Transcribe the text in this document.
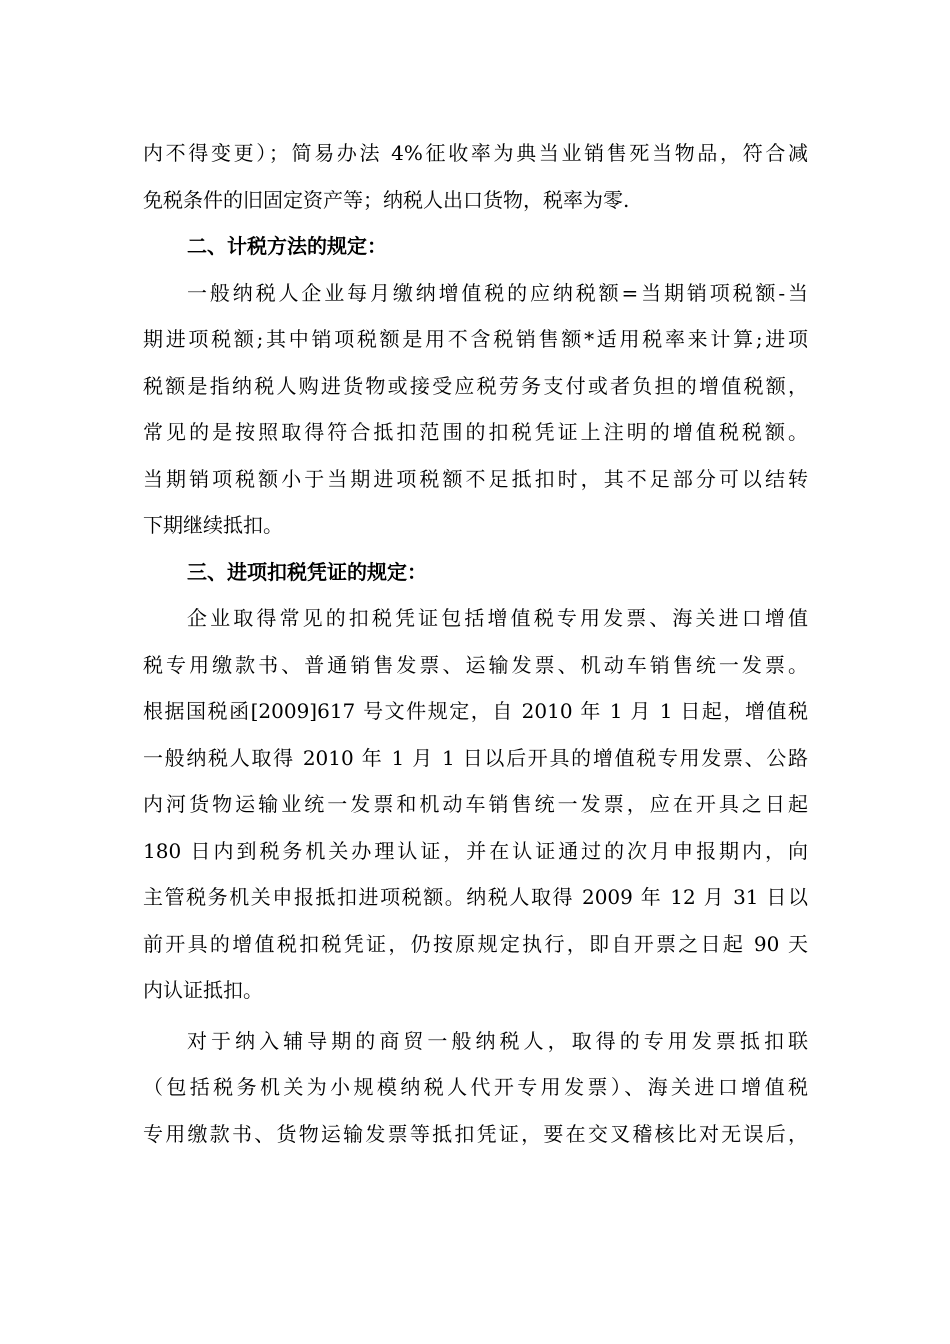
内不得变更）；简易办法 4%征收率为典当业销售死当物品，符合减
免税条件的旧固定资产等；纳税人出口货物，税率为零.
二、计税方法的规定：
一般纳税人企业每月缴纳增值税的应纳税额=当期销项税额-当
期进项税额;其中销项税额是用不含税销售额*适用税率来计算;进项
税额是指纳税人购进货物或接受应税劳务支付或者负担的增值税额，
常见的是按照取得符合抵扣范围的扣税凭证上注明的增值税税额。
当期销项税额小于当期进项税额不足抵扣时，其不足部分可以结转
下期继续抵扣。
三、进项扣税凭证的规定：
企业取得常见的扣税凭证包括增值税专用发票、海关进口增值
税专用缴款书、普通销售发票、运输发票、机动车销售统一发票。
根据国税函[2009]617 号文件规定，自 2010 年 1 月 1 日起，增值税
一般纳税人取得 2010 年 1 月 1 日以后开具的增值税专用发票、公路
内河货物运输业统一发票和机动车销售统一发票，应在开具之日起
180 日内到税务机关办理认证，并在认证通过的次月申报期内，向
主管税务机关申报抵扣进项税额。纳税人取得 2009 年 12 月 31 日以
前开具的增值税扣税凭证，仍按原规定执行，即自开票之日起 90 天
内认证抵扣。
对于纳入辅导期的商贸一般纳税人，取得的专用发票抵扣联
（包括税务机关为小规模纳税人代开专用发票）、海关进口增值税
专用缴款书、货物运输发票等抵扣凭证，要在交叉稽核比对无误后，
